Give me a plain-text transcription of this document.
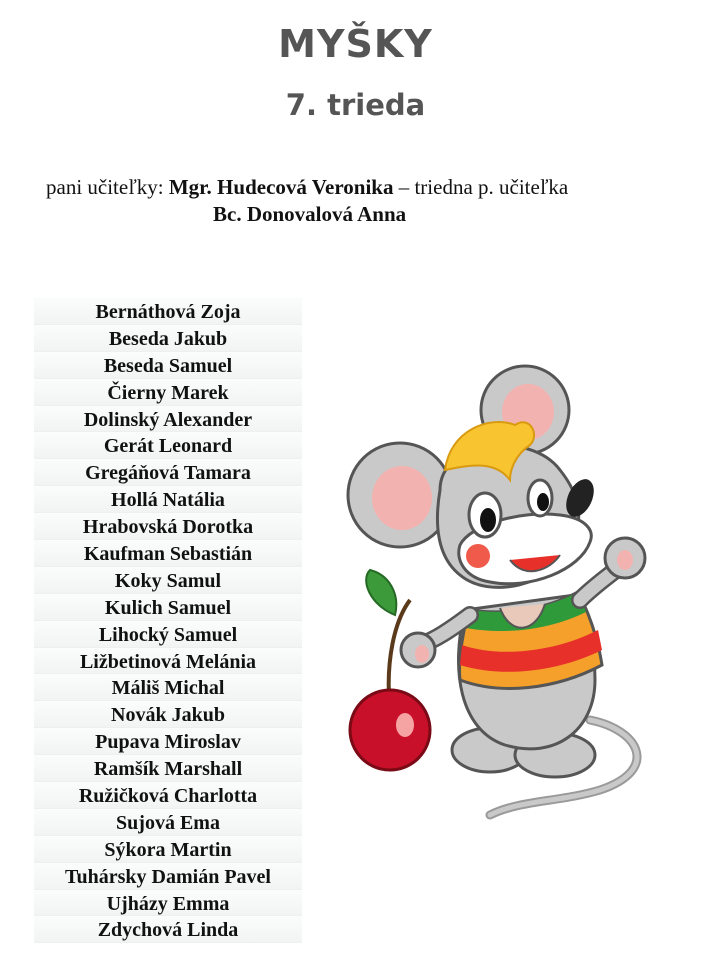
MYŠKY
7. trieda
pani učiteľky: Mgr. Hudecová Veronika – triedna p. učiteľka
Bc. Donovalová Anna
Bernáthová Zoja
Beseda Jakub
Beseda Samuel
Čierny Marek
Dolinský Alexander
Gerát Leonard
Gregáňová Tamara
Hollá Natália
Hrabovská Dorotka
Kaufman Sebastián
Koky Samul
Kulich Samuel
Lihocký Samuel
Ližbetinová Melánia
Máliš Michal
Novák Jakub
Pupava Miroslav
Ramšík Marshall
Ružičková Charlotta
Sujová Ema
Sýkora Martin
Tuhársky Damián Pavel
Ujházy Emma
Zdychová Linda
